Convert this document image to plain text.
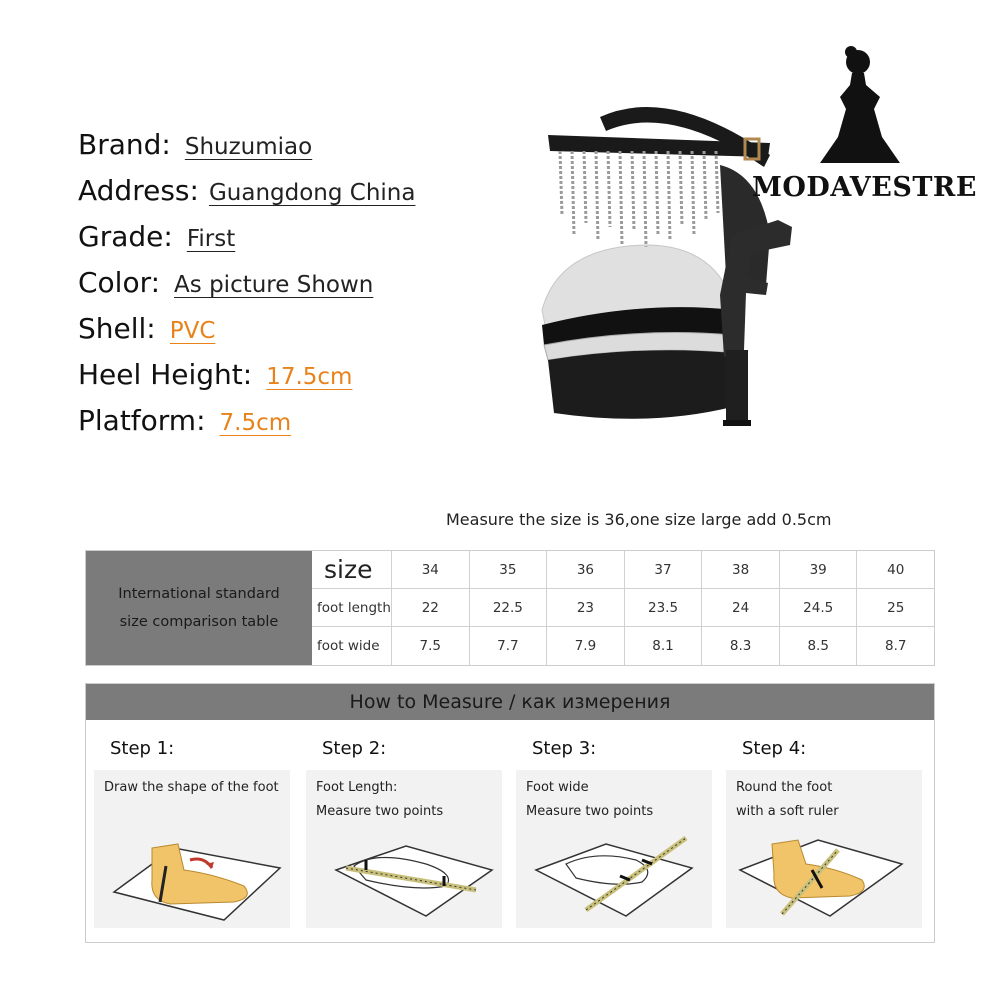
Brand: Shuzumiao
Address: Guangdong China
Grade: First
Color: As picture Shown
Shell: PVC
Heel Height: 17.5cm
Platform: 7.5cm
MODAVESTRE
Measure the size is 36,one size large add 0.5cm
International standard
size comparison table
size	34	35	36	37	38	39	40
foot length	22	22.5	23	23.5	24	24.5	25
foot wide	7.5	7.7	7.9	8.1	8.3	8.5	8.7
How to Measure / как измерения
Step 1:
Draw the shape of the foot
Step 2:
Foot Length:
Measure two points
Step 3:
Foot wide
Measure two points
Step 4:
Round the foot
with a soft ruler
